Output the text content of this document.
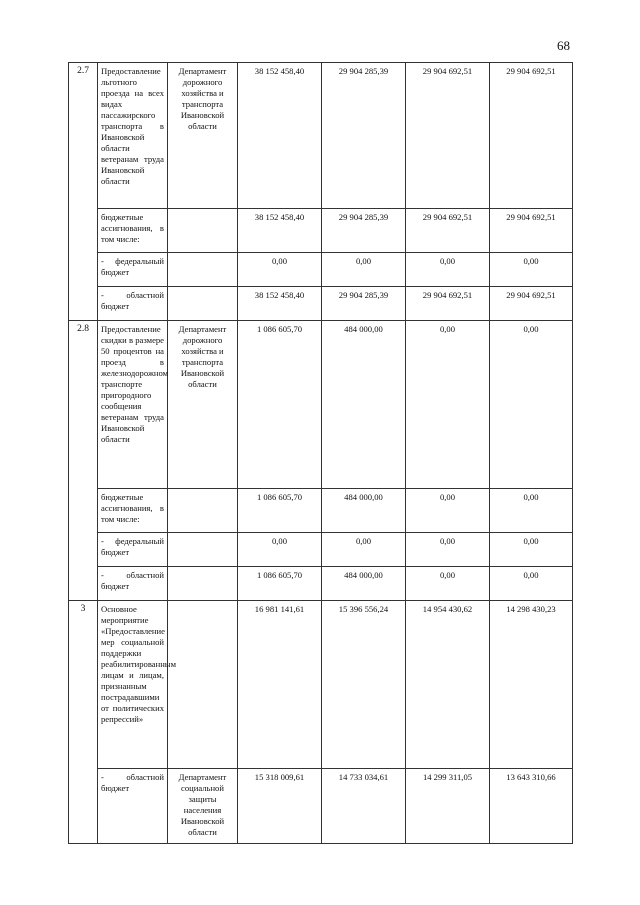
68
2.7	Предоставление льготного проезда на всех видах пассажирского транспорта в Ивановской области ветеранам труда Ивановской области	Департамент дорожного хозяйства и транспорта Ивановской области	38 152 458,40	29 904 285,39	29 904 692,51	29 904 692,51
	бюджетные ассигнования, в том числе:		38 152 458,40	29 904 285,39	29 904 692,51	29 904 692,51
	- федеральный бюджет		0,00	0,00	0,00	0,00
	- областной бюджет		38 152 458,40	29 904 285,39	29 904 692,51	29 904 692,51
2.8	Предоставление скидки в размере 50 процентов на проезд в железнодорожном транспорте пригородного сообщения ветеранам труда Ивановской области	Департамент дорожного хозяйства и транспорта Ивановской области	1 086 605,70	484 000,00	0,00	0,00
	бюджетные ассигнования, в том числе:		1 086 605,70	484 000,00	0,00	0,00
	- федеральный бюджет		0,00	0,00	0,00	0,00
	- областной бюджет		1 086 605,70	484 000,00	0,00	0,00
3	Основное мероприятие «Предоставление мер социальной поддержки реабилитированным лицам и лицам, признанным пострадавшими от политических репрессий»		16 981 141,61	15 396 556,24	14 954 430,62	14 298 430,23
	- областной бюджет	Департамент социальной защиты населения Ивановской области	15 318 009,61	14 733 034,61	14 299 311,05	13 643 310,66
